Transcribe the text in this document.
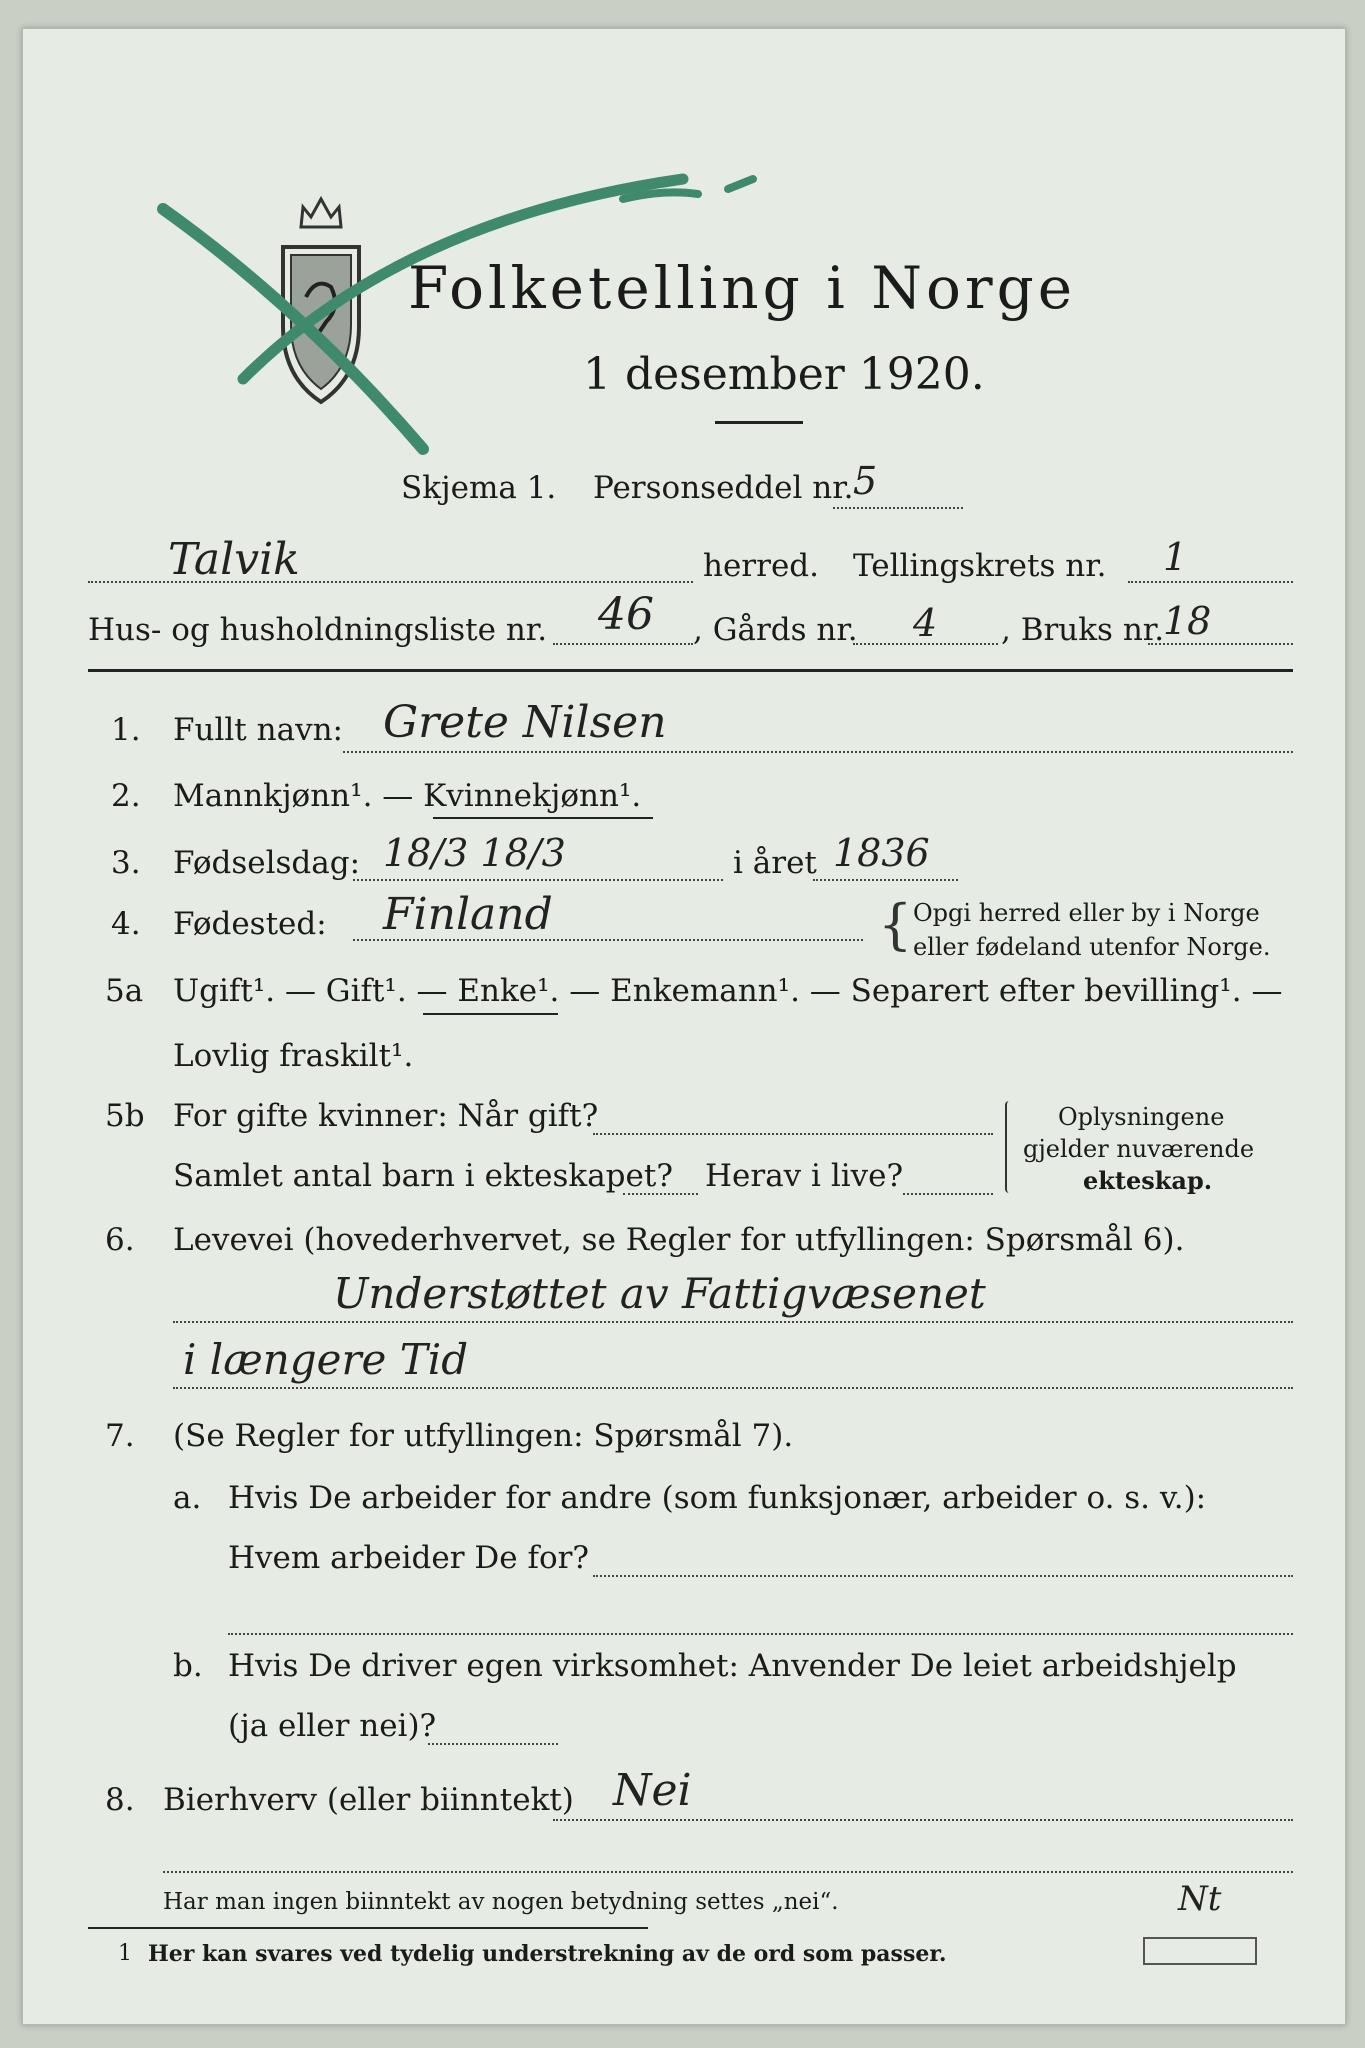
Folketelling i Norge
1 desember 1920.
Skjema 1. Personseddel nr. 5
Talvik	herred. Tellingskrets nr. 1
Hus- og husholdningsliste nr. 46 , Gårds nr. 4 , Bruks nr.
18
1. Fullt navn: Grete Nilsen
2. Mannkjønn¹. — Kvinnekjønn¹.
3. Fødselsdag: 18/3 18/3	i året 1836
4. Fødested: Finland	{ Opgi herred eller by i Norge
eller fødeland utenfor Norge.
5a Ugift¹. — Gift¹. — Enke¹. — Enkemann¹. — Separert efter bevilling¹. —
Lovlig fraskilt¹.
5b For gifte kvinner: Når gift?
Samlet antal barn i ekteskapet? Herav i live?
Oplysningene
gjelder nuværende
ekteskap.
6. Levevei (hovederhvervet, se Regler for utfyllingen: Spørsmål 6).
Understøttet av Fattigvæsenet
i længere Tid
7. (Se Regler for utfyllingen: Spørsmål 7).
a. Hvis De arbeider for andre (som funksjonær, arbeider o. s. v.):
Hvem arbeider De for?
b. Hvis De driver egen virksomhet: Anvender De leiet arbeidshjelp
(ja eller nei)?
8. Bierhverv (eller biinntekt) Nei
Har man ingen biinntekt av nogen betydning settes „nei“.
1 Her kan svares ved tydelig understrekning av de ord som passer.
Nt
